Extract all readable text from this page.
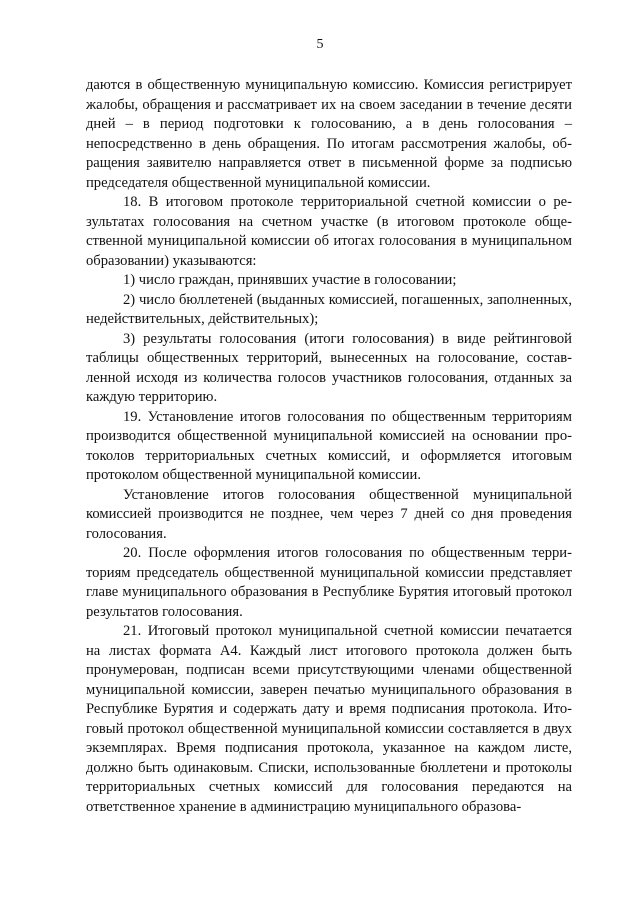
5

даются в общественную муниципальную комиссию. Комиссия регистрирует жалобы, обращения и рассматривает их на своем заседании в течение десяти дней – в период подготовки к голосованию, а в день голосования – непосредственно в день обращения. По итогам рассмотрения жалобы, обращения заявителю направляется ответ в письменной форме за подписью председателя общественной муниципальной комиссии.

18. В итоговом протоколе территориальной счетной комиссии о результатах голосования на счетном участке (в итоговом протоколе общественной муниципальной комиссии об итогах голосования в муниципальном образовании) указываются:

1) число граждан, принявших участие в голосовании;

2) число бюллетеней (выданных комиссией, погашенных, заполненных, недействительных, действительных);

3) результаты голосования (итоги голосования) в виде рейтинговой таблицы общественных территорий, вынесенных на голосование, составленной исходя из количества голосов участников голосования, отданных за каждую территорию.

19. Установление итогов голосования по общественным территориям производится общественной муниципальной комиссией на основании протоколов территориальных счетных комиссий, и оформляется итоговым протоколом общественной муниципальной комиссии.

Установление итогов голосования общественной муниципальной комиссией производится не позднее, чем через 7 дней со дня проведения голосования.

20. После оформления итогов голосования по общественным территориям председатель общественной муниципальной комиссии представляет главе муниципального образования в Республике Бурятия итоговый протокол результатов голосования.

21. Итоговый протокол муниципальной счетной комиссии печатается на листах формата А4. Каждый лист итогового протокола должен быть пронумерован, подписан всеми присутствующими членами общественной муниципальной комиссии, заверен печатью муниципального образования в Республике Бурятия и содержать дату и время подписания протокола. Итоговый протокол общественной муниципальной комиссии составляется в двух экземплярах. Время подписания протокола, указанное на каждом листе, должно быть одинаковым. Списки, использованные бюллетени и протоколы территориальных счетных комиссий для голосования передаются на ответственное хранение в администрацию муниципального образова-
